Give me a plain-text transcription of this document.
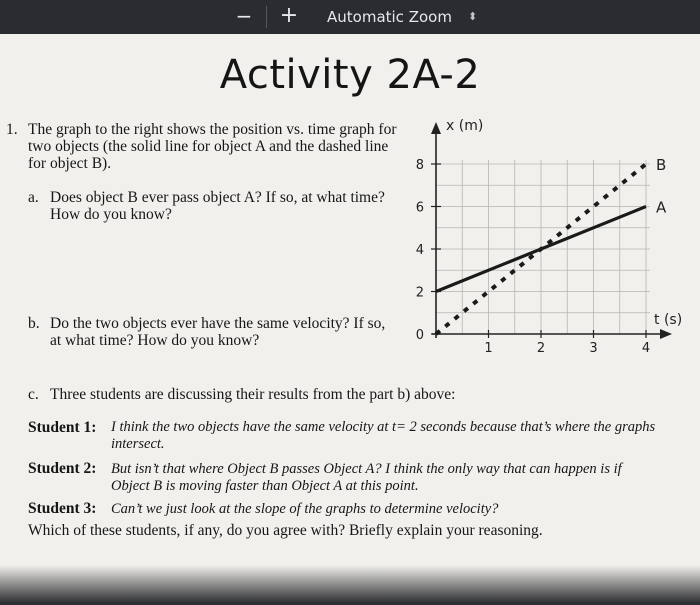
− + Automatic Zoom ⬍
Activity 2A-2
1. The graph to the right shows the position vs. time graph for
two objects (the solid line for object A and the dashed line
for object B).
a. Does object B ever pass object A? If so, at what time?
How do you know?
b. Do the two objects ever have the same velocity? If so,
at what time? How do you know?	0
2
4
6
8
1	2	3	4
A
B
x (m)
t (s)
c. Three students are discussing their results from the part b) above:
Student 1: I think the two objects have the same velocity at t= 2 seconds because that’s where the graphs
intersect.
Student 2: But isn’t that where Object B passes Object A? I think the only way that can happen is if
Object B is moving faster than Object A at this point.
Student 3: Can’t we just look at the slope of the graphs to determine velocity?
Which of these students, if any, do you agree with? Briefly explain your reasoning.
